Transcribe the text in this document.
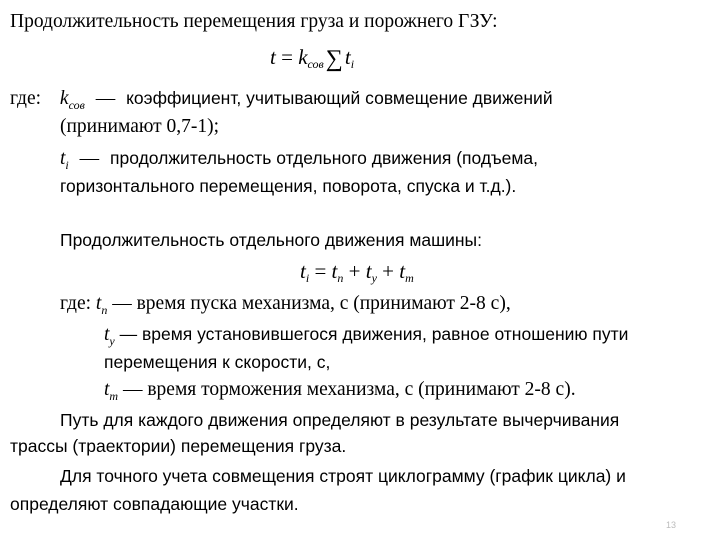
Продолжительность перемещения груза и порожнего ГЗУ:
$t = k_{сов}\sum t_i$
где: $k_{сов}$ — коэффициент, учитывающий совмещение движений
(принимают 0,7-1);
$t_i$ — продолжительность отдельного движения (подъема,
горизонтального перемещения, поворота, спуска и т.д.).
Продолжительность отдельного движения машины:
$t_i = t_п + t_у + t_т$
где: $t_п$ — время пуска механизма, с (принимают 2-8 с),
$t_у$ — время установившегося движения, равное отношению пути
перемещения к скорости, с,
$t_т$ — время торможения механизма, с (принимают 2-8 с).
Путь для каждого движения определяют в результате вычерчивания
трассы (траектории) перемещения груза.
Для точного учета совмещения строят циклограмму (график цикла) и
определяют совпадающие участки.
13
